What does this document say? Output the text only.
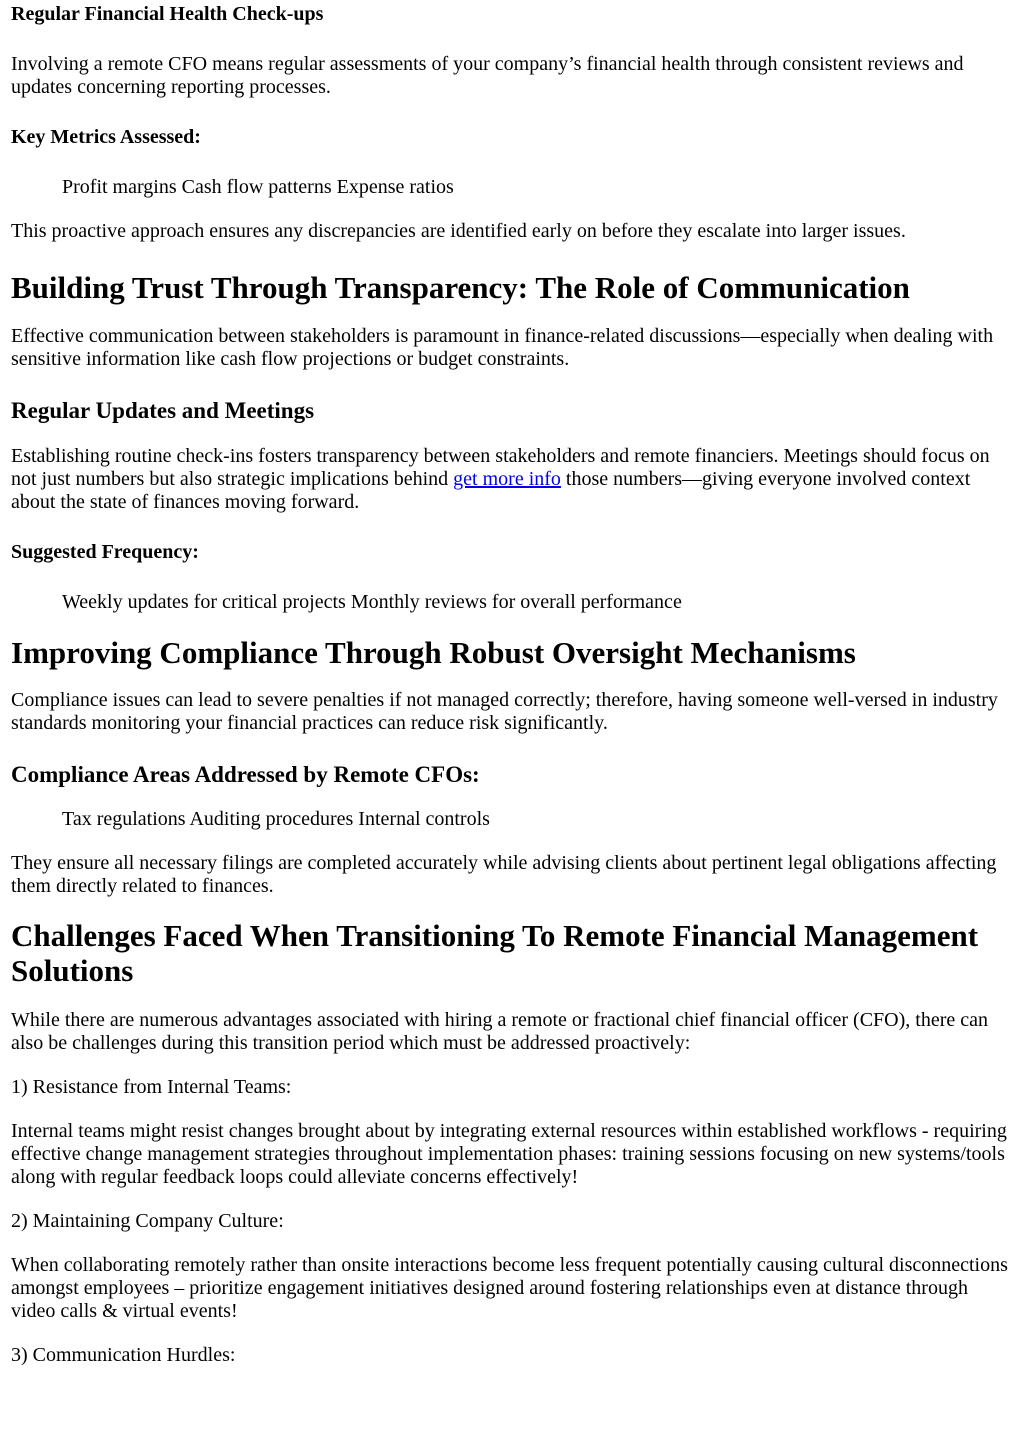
Regular Financial Health Check-ups

Involving a remote CFO means regular assessments of your company’s financial health through consistent reviews and updates concerning reporting processes.

Key Metrics Assessed:

Profit margins Cash flow patterns Expense ratios

This proactive approach ensures any discrepancies are identified early on before they escalate into larger issues.

Building Trust Through Transparency: The Role of Communication

Effective communication between stakeholders is paramount in finance-related discussions—especially when dealing with sensitive information like cash flow projections or budget constraints.

Regular Updates and Meetings

Establishing routine check-ins fosters transparency between stakeholders and remote financiers. Meetings should focus on not just numbers but also strategic implications behind get more info those numbers—giving everyone involved context about the state of finances moving forward.

Suggested Frequency:

Weekly updates for critical projects Monthly reviews for overall performance

Improving Compliance Through Robust Oversight Mechanisms

Compliance issues can lead to severe penalties if not managed correctly; therefore, having someone well-versed in industry standards monitoring your financial practices can reduce risk significantly.

Compliance Areas Addressed by Remote CFOs:

Tax regulations Auditing procedures Internal controls

They ensure all necessary filings are completed accurately while advising clients about pertinent legal obligations affecting them directly related to finances.

Challenges Faced When Transitioning To Remote Financial Management Solutions

While there are numerous advantages associated with hiring a remote or fractional chief financial officer (CFO), there can also be challenges during this transition period which must be addressed proactively:

1) Resistance from Internal Teams:

Internal teams might resist changes brought about by integrating external resources within established workflows - requiring effective change management strategies throughout implementation phases: training sessions focusing on new systems/tools along with regular feedback loops could alleviate concerns effectively!

2) Maintaining Company Culture:

When collaborating remotely rather than onsite interactions become less frequent potentially causing cultural disconnections amongst employees – prioritize engagement initiatives designed around fostering relationships even at distance through video calls & virtual events!

3) Communication Hurdles:
